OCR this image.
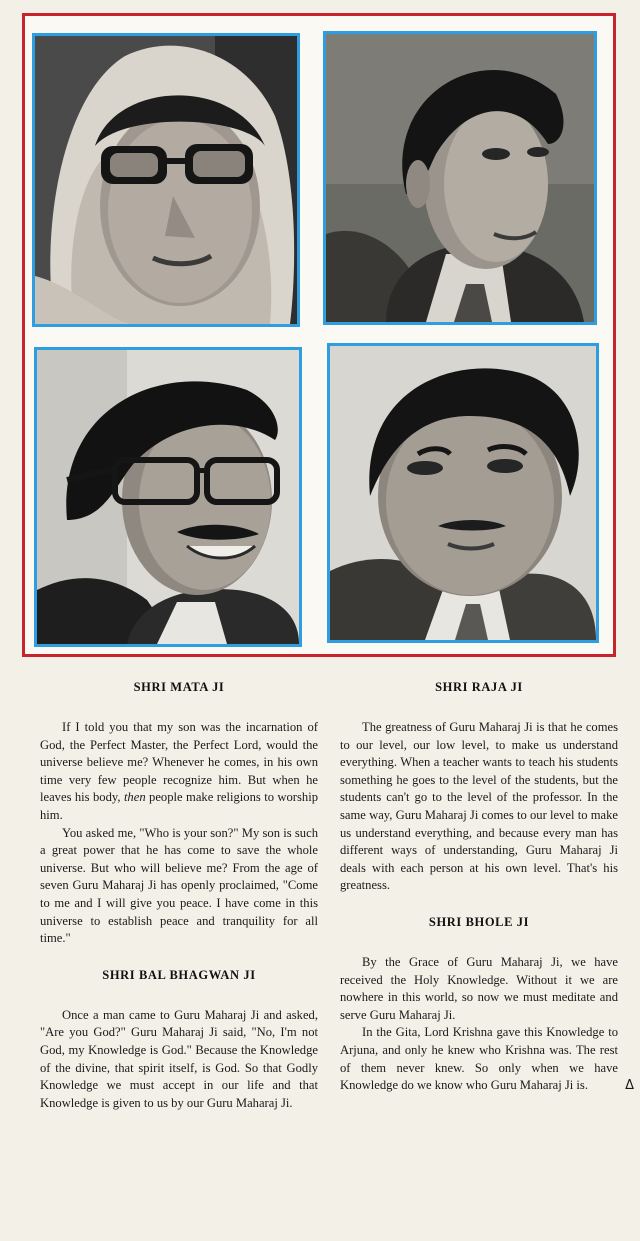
SHRI MATA JI

If I told you that my son was the incarnation of God, the Perfect Master, the Perfect Lord, would the universe believe me? Whenever he comes, in his own time very few people recognize him. But when he leaves his body, then people make religions to worship him.

You asked me, "Who is your son?" My son is such a great power that he has come to save the whole universe. But who will believe me? From the age of seven Guru Maharaj Ji has openly proclaimed, "Come to me and I will give you peace. I have come in this universe to establish peace and tranquility for all time."

SHRI BAL BHAGWAN JI

Once a man came to Guru Maharaj Ji and asked, "Are you God?" Guru Maharaj Ji said, "No, I'm not God, my Knowledge is God." Because the Knowledge of the divine, that spirit itself, is God. So that Godly Knowledge we must accept in our life and that Knowledge is given to us by our Guru Maharaj Ji.

SHRI RAJA JI

The greatness of Guru Maharaj Ji is that he comes to our level, our low level, to make us understand everything. When a teacher wants to teach his students something he goes to the level of the students, but the students can't go to the level of the professor. In the same way, Guru Maharaj Ji comes to our level to make us understand everything, and because every man has different ways of understanding, Guru Maharaj Ji deals with each person at his own level. That's his greatness.

SHRI BHOLE JI

By the Grace of Guru Maharaj Ji, we have received the Holy Knowledge. Without it we are nowhere in this world, so now we must meditate and serve Guru Maharaj Ji.

In the Gita, Lord Krishna gave this Knowledge to Arjuna, and only he knew who Krishna was. The rest of them never knew. So only when we have Knowledge do we know who Guru Maharaj Ji is.	Δ
